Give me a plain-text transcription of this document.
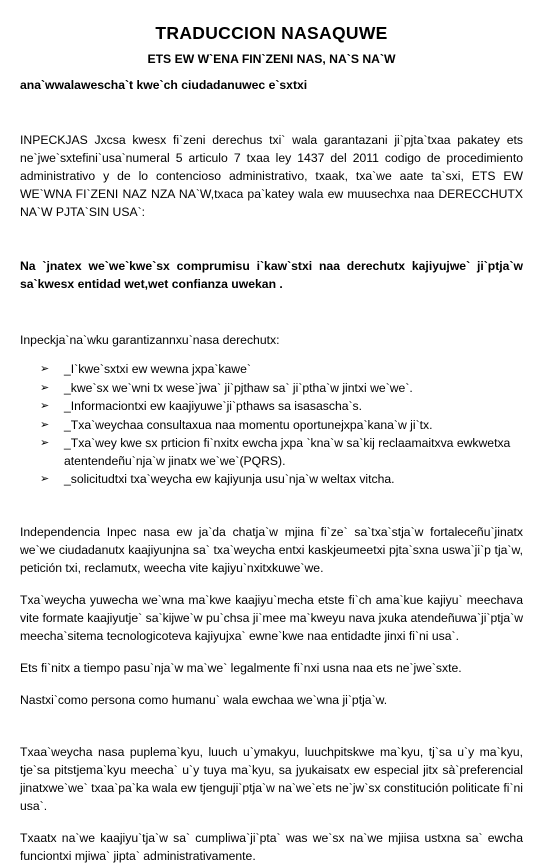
TRADUCCION NASAQUWE
ETS EW W`ENA FIN`ZENI NAS, NA`S NA`W
ana`wwalawescha`t kwe`ch ciudadanuwec e`sxtxi

INPECKJAS Jxcsa kwesx fi`zeni derechus txi` wala garantazani ji`pjta`txaa pakatey ets ne`jwe`sxtefini`usa`numeral 5 articulo 7 txaa ley 1437 del 2011 codigo de procedimiento administrativo y de lo contencioso administrativo, txaak, txa`we aate ta`sxi, ETS EW WE`WNA FI`ZENI NAZ NZA NA`W,txaca pa`katey wala ew muusechxa naa DERECCHUTX NA`W PJTA`SIN USA`:

Na `jnatex we`we`kwe`sx comprumisu i`kaw`stxi naa derechutx kajiyujwe` ji`ptja`w sa`kwesx entidad wet,wet confianza uwekan .

Inpeckja`na`wku garantizannxu`nasa derechutx:

➢ _I`kwe`sxtxi ew wewna jxpa`kawe`
➢ _kwe`sx we`wni tx wese`jwa` ji`pjthaw sa` ji`ptha`w jintxi we`we`.
➢ _Informaciontxi ew kaajiyuwe`ji`pthaws sa isasascha`s.
➢ _Txa`weychaa consultaxua naa momentu oportunejxpa`kana`w ji`tx.
➢ _Txa`wey kwe sx prticion fi`nxitx ewcha jxpa `kna`w sa`kij reclaamaitxva ewkwetxa atentendeñu`nja`w jinatx we`we`(PQRS).
➢ _solicitudtxi txa`weycha ew kajiyunja usu`nja`w weltax vitcha.

Independencia Inpec nasa ew ja`da chatja`w mjina fi`ze` sa`txa`stja`w fortaleceñu`jinatx we`we ciudadanutx kaajiyunjna sa` txa`weycha entxi kaskjeumeetxi pjta`sxna uswa`ji`p tja`w, petición txi, reclamutx, weecha vite kajiyu`nxitxkuwe`we.

Txa`weycha yuwecha we`wna ma`kwe kaajiyu`mecha etste fi`ch ama`kue kajiyu` meechava vite formate kaajiyutje` sa`kijwe`w pu`chsa ji`mee ma`kweyu nava jxuka atendeñuwa`ji`ptja`w meecha`sitema tecnologicoteva kajiyujxa` ewne`kwe naa entidadte jinxi fi`ni usa`.

Ets fi`nitx a tiempo pasu`nja`w ma`we` legalmente fi`nxi usna naa ets ne`jwe`sxte.

Nastxi`como persona como humanu` wala ewchaa we`wna ji`ptja`w.

Txaa`weycha nasa puplema`kyu, luuch u`ymakyu, luuchpitskwe ma`kyu, tj`sa u`y ma`kyu, tje`sa pitstjema`kyu meecha` u`y tuya ma`kyu, sa jyukaisatx ew especial jitx sà`preferencial jinatxwe`we` txaa`pa`ka wala ew tjenguji`ptja`w na`we`ets ne`jw`sx constitución politicate fi`ni usa`.

Txaatx na`we kaajiyu`tja`w sa` cumpliwa`ji`pta` was we`sx na`we mjiisa ustxna sa` ewcha funciontxi mjiwa` jipta` administrativamente.
